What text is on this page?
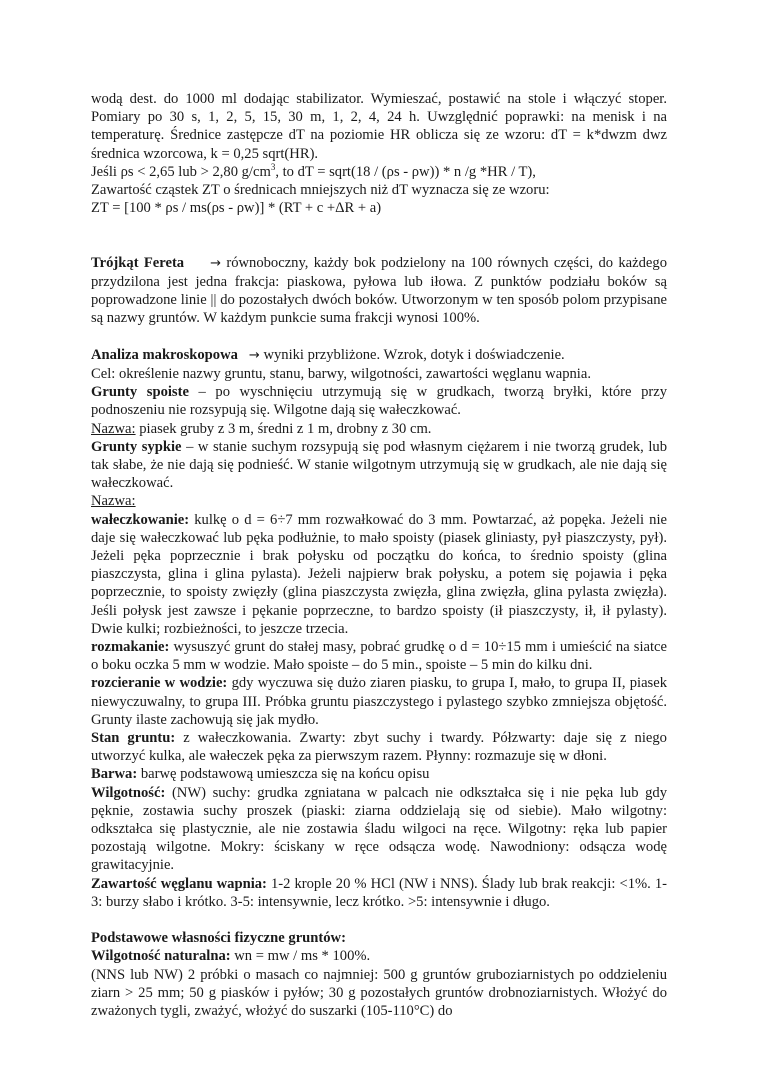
wodą dest. do 1000 ml dodając stabilizator. Wymieszać, postawić na stole i włączyć stoper. Pomiary po 30 s, 1, 2, 5, 15, 30 m, 1, 2, 4, 24 h. Uwzględnić poprawki: na menisk i na temperaturę. Średnice zastępcze dT na poziomie HR oblicza się ze wzoru: dT = k*dwzm dwz średnica wzorcowa, k = 0,25 sqrt(HR).

Jeśli ρs < 2,65 lub > 2,80 $g/cm^3$, to dT = sqrt(18 / (ρs - ρw)) * n /g *HR / T),

Zawartość cząstek ZT o średnicach mniejszych niż dT wyznacza się ze wzoru:

ZT = [100 * ρs / ms(ρs - ρw)] * (RT + c +ΔR + a)

Trójkąt Fereta → równoboczny, każdy bok podzielony na 100 równych części, do każdego przydzilona jest jedna frakcja: piaskowa, pyłowa lub iłowa. Z punktów podziału boków są poprowadzone linie || do pozostałych dwóch boków. Utworzonym w ten sposób polom przypisane są nazwy gruntów. W każdym punkcie suma frakcji wynosi 100%.

Analiza makroskopowa → wyniki przybliżone. Wzrok, dotyk i doświadczenie.

Cel: określenie nazwy gruntu, stanu, barwy, wilgotności, zawartości węglanu wapnia.

Grunty spoiste – po wyschnięciu utrzymują się w grudkach, tworzą bryłki, które przy podnoszeniu nie rozsypują się. Wilgotne dają się wałeczkować.

Nazwa: piasek gruby z 3 m, średni z 1 m, drobny z 30 cm.

Grunty sypkie – w stanie suchym rozsypują się pod własnym ciężarem i nie tworzą grudek, lub tak słabe, że nie dają się podnieść. W stanie wilgotnym utrzymują się w grudkach, ale nie dają się wałeczkować.

Nazwa:

wałeczkowanie: kulkę o d = 6÷7 mm rozwałkować do 3 mm. Powtarzać, aż popęka. Jeżeli nie daje się wałeczkować lub pęka podłużnie, to mało spoisty (piasek gliniasty, pył piaszczysty, pył). Jeżeli pęka poprzecznie i brak połysku od początku do końca, to średnio spoisty (glina piaszczysta, glina i glina pylasta). Jeżeli najpierw brak połysku, a potem się pojawia i pęka poprzecznie, to spoisty zwięzły (glina piaszczysta zwięzła, glina zwięzła, glina pylasta zwięzła). Jeśli połysk jest zawsze i pękanie poprzeczne, to bardzo spoisty (ił piaszczysty, ił, ił pylasty). Dwie kulki; rozbieżności, to jeszcze trzecia.

rozmakanie: wysuszyć grunt do stałej masy, pobrać grudkę o d = 10÷15 mm i umieścić na siatce o boku oczka 5 mm w wodzie. Mało spoiste – do 5 min., spoiste – 5 min do kilku dni.

rozcieranie w wodzie: gdy wyczuwa się dużo ziaren piasku, to grupa I, mało, to grupa II, piasek niewyczuwalny, to grupa III. Próbka gruntu piaszczystego i pylastego szybko zmniejsza objętość. Grunty ilaste zachowują się jak mydło.

Stan gruntu: z wałeczkowania. Zwarty: zbyt suchy i twardy. Półzwarty: daje się z niego utworzyć kulka, ale wałeczek pęka za pierwszym razem. Płynny: rozmazuje się w dłoni.

Barwa: barwę podstawową umieszcza się na końcu opisu

Wilgotność: (NW) suchy: grudka zgniatana w palcach nie odkształca się i nie pęka lub gdy pęknie, zostawia suchy proszek (piaski: ziarna oddzielają się od siebie). Mało wilgotny: odkształca się plastycznie, ale nie zostawia śladu wilgoci na ręce. Wilgotny: ręka lub papier pozostają wilgotne. Mokry: ściskany w ręce odsącza wodę. Nawodniony: odsącza wodę grawitacyjnie.

Zawartość węglanu wapnia: 1-2 krople 20 % HCl (NW i NNS). Ślady lub brak reakcji: <1%. 1-3: burzy słabo i krótko. 3-5: intensywnie, lecz krótko. >5: intensywnie i długo.

Podstawowe własności fizyczne gruntów:

Wilgotność naturalna: wn = mw / ms * 100%.

(NNS lub NW) 2 próbki o masach co najmniej: 500 g gruntów gruboziarnistych po oddzieleniu ziarn > 25 mm; 50 g piasków i pyłów; 30 g pozostałych gruntów drobnoziarnistych. Włożyć do zważonych tygli, zważyć, włożyć do suszarki (105-110°C) do
